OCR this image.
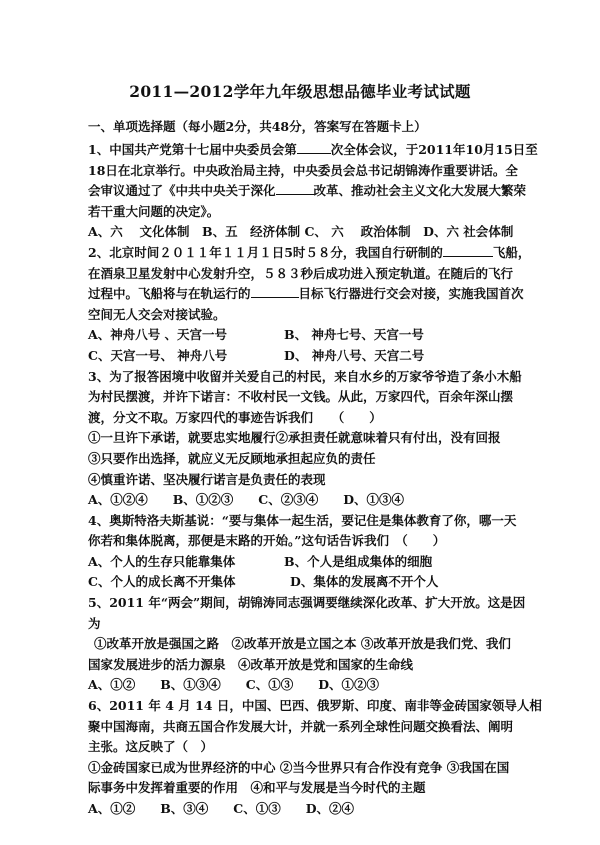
2011—2012学年九年级思想品德毕业考试试题
一、单项选择题（每小题2分，共48分，答案写在答题卡上）
1、中国共产党第十七届中央委员会第	次全体会议，于2011年10月15日至
18日在北京举行。中央政治局主持，中央委员会总书记胡锦涛作重要讲话。全
会审议通过了《中共中央关于深化	改革、推动社会主义文化大发展大繁荣
若干重大问题的决定》。
A、六　 文化体制　B、五　经济体制 C、 六　 政治体制　D、六 社会体制
2、北京时间２０１１年１１月１日5时５８分，我国自行研制的	飞船，
在酒泉卫星发射中心发射升空，５８３秒后成功进入预定轨道。在随后的飞行
过程中。飞船将与在轨运行的	目标飞行器进行交会对接，实施我国首次
空间无人交会对接试验。
A、神舟八号 、天宫一号	B、 神舟七号、天宫一号
C、天宫一号、 神舟八号	D、 神舟八号、天宫二号
3、为了报答困境中收留并关爱自己的村民，来自水乡的万家爷爷造了条小木船
为村民摆渡，并许下诺言：不收村民一文钱。从此，万家四代，百余年深山摆
渡，分文不取。万家四代的事迹告诉我们　　（　　）
①一旦许下承诺，就要忠实地履行②承担责任就意味着只有付出，没有回报
③只要作出选择，就应义无反顾地承担起应负的责任
④慎重许诺、坚决履行诺言是负责任的表现
A、①②④　　B、①②③　　C、②③④　　D、①③④
4、奥斯特洛夫斯基说：“要与集体一起生活，要记住是集体教育了你，哪一天
你若和集体脱离，那便是末路的开始。”这句话告诉我们　（　　）
A、个人的生存只能靠集体	B、个人是组成集体的细胞
C、个人的成长离不开集体	D、集体的发展离不开个人
5、2011 年“两会”期间，胡锦涛同志强调要继续深化改革、扩大开放。这是因
为
①改革开放是强国之路　②改革开放是立国之本 ③改革开放是我们党、我们
国家发展进步的活力源泉　④改革开放是党和国家的生命线
A、①②　　B、①③④　　C、①③　　D、①②③
6、2011 年 4 月 14 日，中国、巴西、俄罗斯、印度、南非等金砖国家领导人相
聚中国海南，共商五国合作发展大计，并就一系列全球性问题交换看法、阐明
主张。这反映了（　）
①金砖国家已成为世界经济的中心 ②当今世界只有合作没有竞争 ③我国在国
际事务中发挥着重要的作用　④和平与发展是当今时代的主题
A、①②　　B、③④　　C、①③　　D、②④
